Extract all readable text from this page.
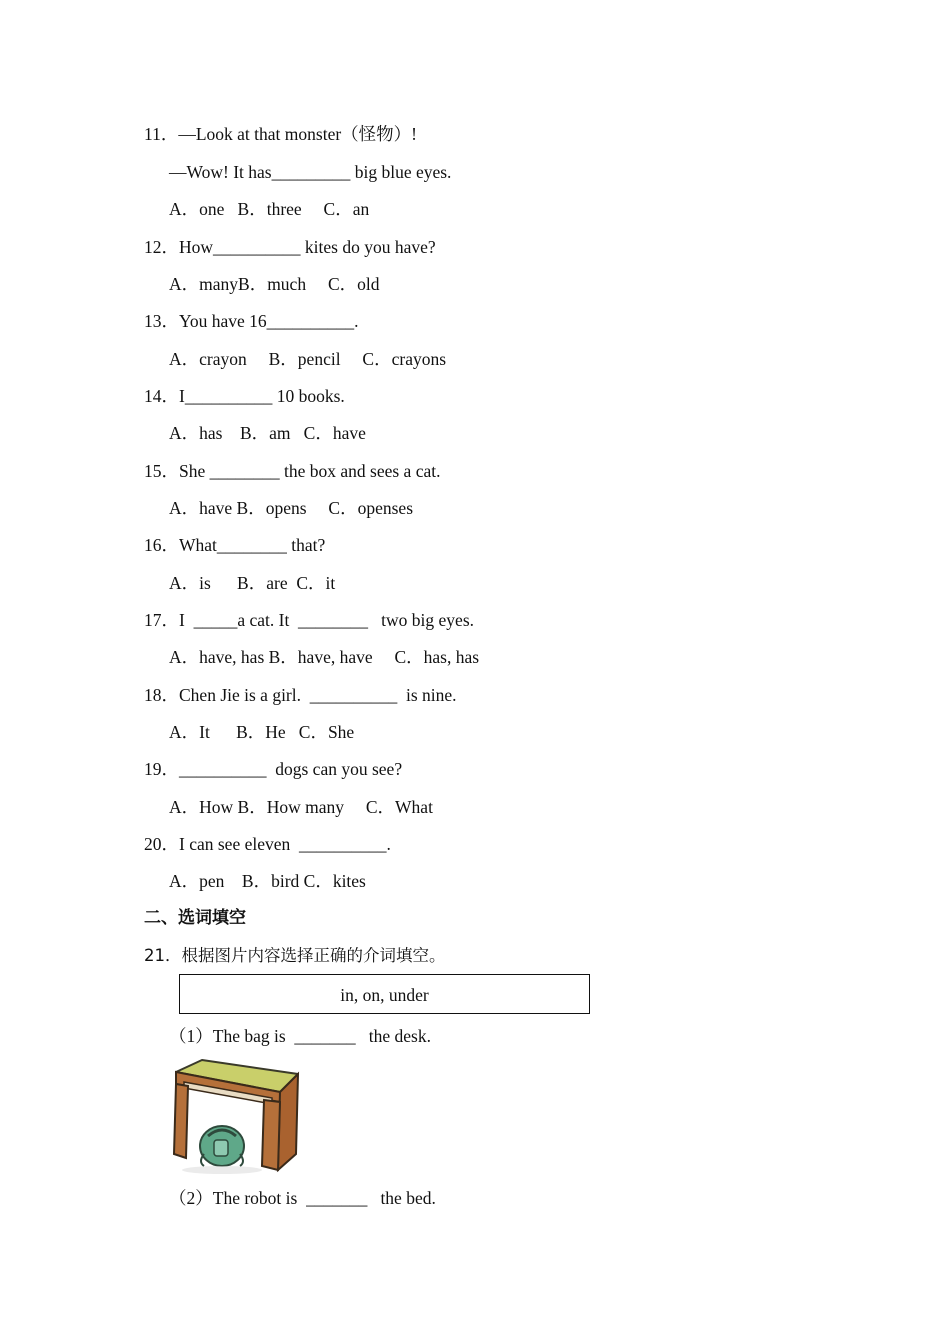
11．—Look at that monster（怪物）!
—Wow! It has_________ big blue eyes.
A．one   B．three     C．an
12．How__________ kites do you have?
A．manyB．much     C．old
13．You have 16__________.
A．crayon     B．pencil     C．crayons
14．I__________ 10 books.
A．has    B．am   C．have
15．She ________ the box and sees a cat.
A．have B．opens     C．openses
16．What________ that?
A．is      B．are  C．it
17．I  _____a cat. It  ________   two big eyes.
A．have, has B．have, have     C．has, has
18．Chen Jie is a girl.  __________  is nine.
A．It      B．He   C．She
19．__________  dogs can you see?
A．How B．How many     C．What
20．I can see eleven  __________.
A．pen    B．bird C．kites
二、选词填空
21．根据图片内容选择正确的介词填空。
in, on, under
（1）The bag is  _______   the desk.
（2）The robot is  _______   the bed.
